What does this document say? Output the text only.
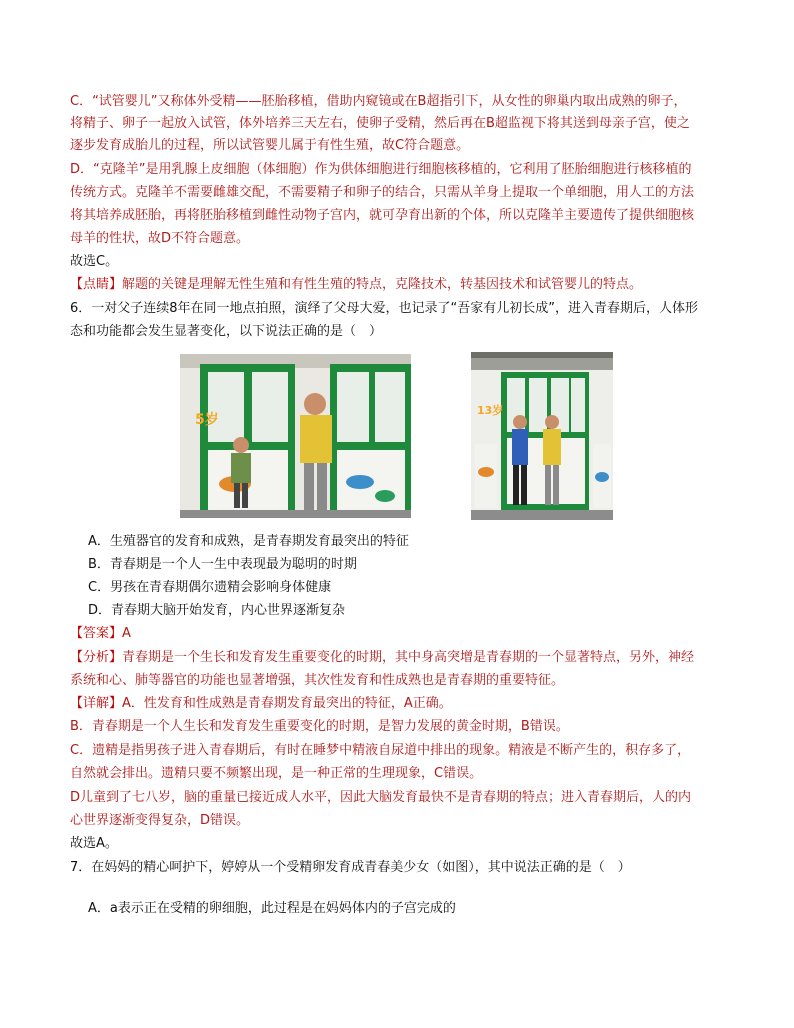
C．“试管婴儿”又称体外受精——胚胎移植，借助内窥镜或在B超指引下，从女性的卵巢内取出成熟的卵子，
将精子、卵子一起放入试管，体外培养三天左右，使卵子受精，然后再在B超监视下将其送到母亲子宫，使之
逐步发育成胎儿的过程，所以试管婴儿属于有性生殖，故C符合题意。
D．“克隆羊”是用乳腺上皮细胞（体细胞）作为供体细胞进行细胞核移植的，它利用了胚胎细胞进行核移植的
传统方式。克隆羊不需要雌雄交配，不需要精子和卵子的结合，只需从羊身上提取一个单细胞，用人工的方法
将其培养成胚胎，再将胚胎移植到雌性动物子宫内，就可孕育出新的个体，所以克隆羊主要遗传了提供细胞核
母羊的性状，故D不符合题意。
故选C。
【点睛】解题的关键是理解无性生殖和有性生殖的特点，克隆技术，转基因技术和试管婴儿的特点。
6．一对父子连续8年在同一地点拍照，演绎了父母大爱，也记录了“吾家有儿初长成”，进入青春期后，人体形
态和功能都会发生显著变化，以下说法正确的是（　）
5岁
13岁
A．生殖器官的发育和成熟，是青春期发育最突出的特征
B．青春期是一个人一生中表现最为聪明的时期
C．男孩在青春期偶尔遗精会影响身体健康
D．青春期大脑开始发育，内心世界逐渐复杂
【答案】A
【分析】青春期是一个生长和发育发生重要变化的时期，其中身高突增是青春期的一个显著特点，另外，神经
系统和心、肺等器官的功能也显著增强，其次性发育和性成熟也是青春期的重要特征。
【详解】A．性发育和性成熟是青春期发育最突出的特征，A正确。
B．青春期是一个人生长和发育发生重要变化的时期，是智力发展的黄金时期，B错误。
C．遗精是指男孩子进入青春期后，有时在睡梦中精液自尿道中排出的现象。精液是不断产生的，积存多了，
自然就会排出。遗精只要不频繁出现，是一种正常的生理现象，C错误。
D儿童到了七八岁，脑的重量已接近成人水平，因此大脑发育最快不是青春期的特点；进入青春期后，人的内
心世界逐渐变得复杂，D错误。
故选A。
7．在妈妈的精心呵护下，婷婷从一个受精卵发育成青春美少女（如图），其中说法正确的是（　）
A．a表示正在受精的卵细胞，此过程是在妈妈体内的子宫完成的
